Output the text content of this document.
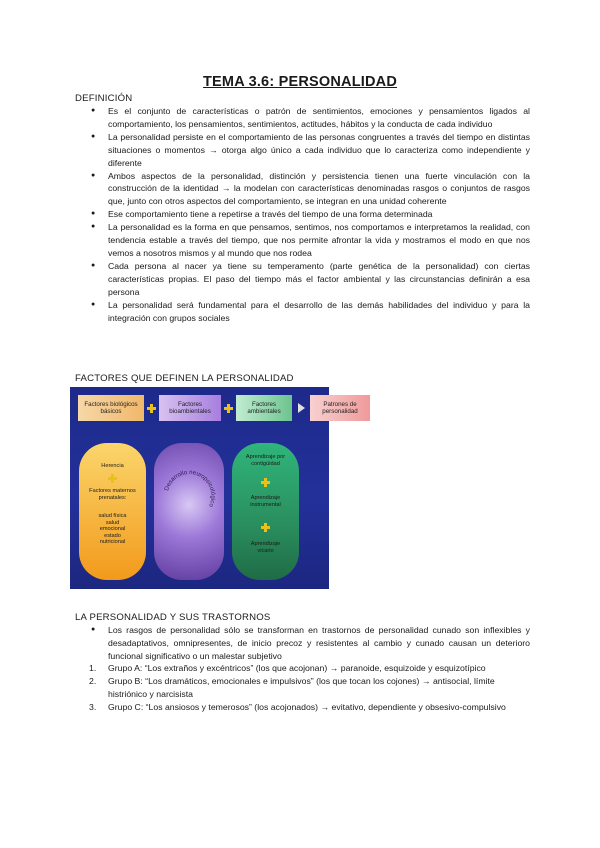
TEMA 3.6: PERSONALIDAD
DEFINICIÓN
● Es el conjunto de características o patrón de sentimientos, emociones y pensamientos ligados al comportamiento, los pensamientos, sentimientos, actitudes, hábitos y la conducta de cada individuo
● La personalidad persiste en el comportamiento de las personas congruentes a través del tiempo en distintas situaciones o momentos → otorga algo único a cada individuo que lo caracteriza como independiente y diferente
● Ambos aspectos de la personalidad, distinción y persistencia tienen una fuerte vinculación con la construcción de la identidad → la modelan con características denominadas rasgos o conjuntos de rasgos que, junto con otros aspectos del comportamiento, se integran en una unidad coherente
● Ese comportamiento tiene a repetirse a través del tiempo de una forma determinada
● La personalidad es la forma en que pensamos, sentimos, nos comportamos e interpretamos la realidad, con tendencia estable a través del tiempo, que nos permite afrontar la vida y mostramos el modo en que nos vemos a nosotros mismos y al mundo que nos rodea
● Cada persona al nacer ya tiene su temperamento (parte genética de la personalidad) con ciertas características propias. El paso del tiempo más el factor ambiental y las circunstancias definirán a esa persona
● La personalidad será fundamental para el desarrollo de las demás habilidades del individuo y para la integración con grupos sociales
FACTORES QUE DEFINEN LA PERSONALIDAD
Factores biológicos básicos
Factores bioambientales
Factores ambientales
Patrones de personalidad
Herencia
Factores maternos prenatales:
salud física salud emocional estado nutricional
Desarrollo neuropsicológico
Aprendizaje por contigüidad
Aprendizaje instrumental
Aprendizaje vicario
LA PERSONALIDAD Y SUS TRASTORNOS
● Los rasgos de personalidad sólo se transforman en trastornos de personalidad cunado son inflexibles y desadaptativos, omnipresentes, de inicio precoz y resistentes al cambio y cunado causan un deterioro funcional significativo o un malestar subjetivo
1. Grupo A: “Los extraños y excéntricos” (los que acojonan) → paranoide, esquizoide y esquizotípico
2. Grupo B: “Los dramáticos, emocionales e impulsivos” (los que tocan los cojones) → antisocial, límite histriónico y narcisista
3. Grupo C: “Los ansiosos y temerosos” (los acojonados) → evitativo, dependiente y obsesivo-compulsivo
